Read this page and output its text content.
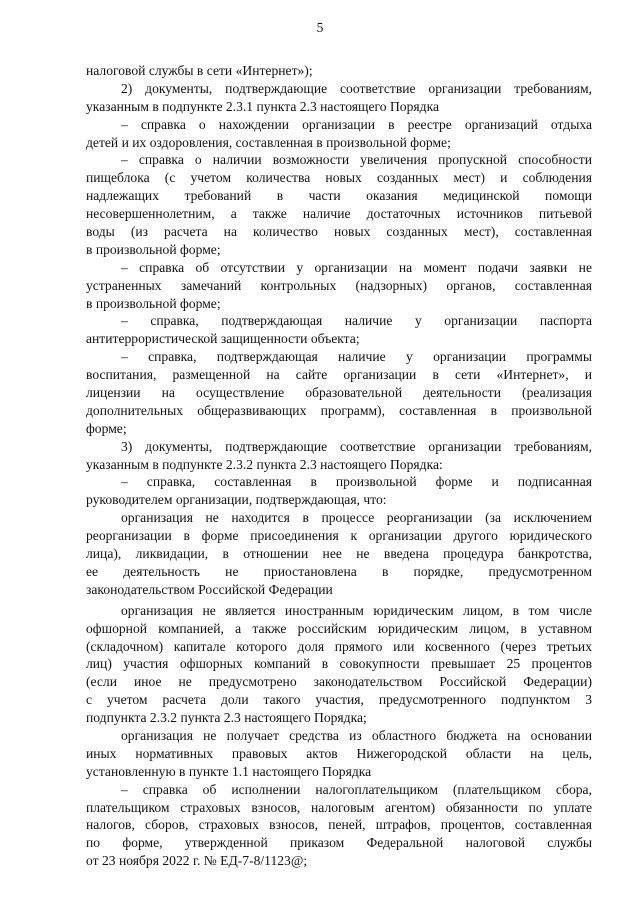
5
налоговой службы в сети «Интернет»);
2) документы, подтверждающие соответствие организации требованиям,
указанным в подпункте 2.3.1 пункта 2.3 настоящего Порядка
– справка о нахождении организации в реестре организаций отдыха
детей и их оздоровления, составленная в произвольной форме;
– справка о наличии возможности увеличения пропускной способности
пищеблока (с учетом количества новых созданных мест) и соблюдения
надлежащих требований в части оказания медицинской помощи
несовершеннолетним, а также наличие достаточных источников питьевой
воды (из расчета на количество новых созданных мест), составленная
в произвольной форме;
– справка об отсутствии у организации на момент подачи заявки не
устраненных замечаний контрольных (надзорных) органов, составленная
в произвольной форме;
– справка, подтверждающая наличие у организации паспорта
антитеррористической защищенности объекта;
– справка, подтверждающая наличие у организации программы
воспитания, размещенной на сайте организации в сети «Интернет», и
лицензии на осуществление образовательной деятельности (реализация
дополнительных общеразвивающих программ), составленная в произвольной
форме;
3) документы, подтверждающие соответствие организации требованиям,
указанным в подпункте 2.3.2 пункта 2.3 настоящего Порядка:
– справка, составленная в произвольной форме и подписанная
руководителем организации, подтверждающая, что:
организация не находится в процессе реорганизации (за исключением
реорганизации в форме присоединения к организации другого юридического
лица), ликвидации, в отношении нее не введена процедура банкротства,
ее деятельность не приостановлена в порядке, предусмотренном
законодательством Российской Федерации
организация не является иностранным юридическим лицом, в том числе
офшорной компанией, а также российским юридическим лицом, в уставном
(складочном) капитале которого доля прямого или косвенного (через третьих
лиц) участия офшорных компаний в совокупности превышает 25 процентов
(если иное не предусмотрено законодательством Российской Федерации)
с учетом расчета доли такого участия, предусмотренного подпунктом 3
подпункта 2.3.2 пункта 2.3 настоящего Порядка;
организация не получает средства из областного бюджета на основании
иных нормативных правовых актов Нижегородской области на цель,
установленную в пункте 1.1 настоящего Порядка
– справка об исполнении налогоплательщиком (плательщиком сбора,
плательщиком страховых взносов, налоговым агентом) обязанности по уплате
налогов, сборов, страховых взносов, пеней, штрафов, процентов, составленная
по форме, утвержденной приказом Федеральной налоговой службы
от 23 ноября 2022 г. № ЕД-7-8/1123@;
